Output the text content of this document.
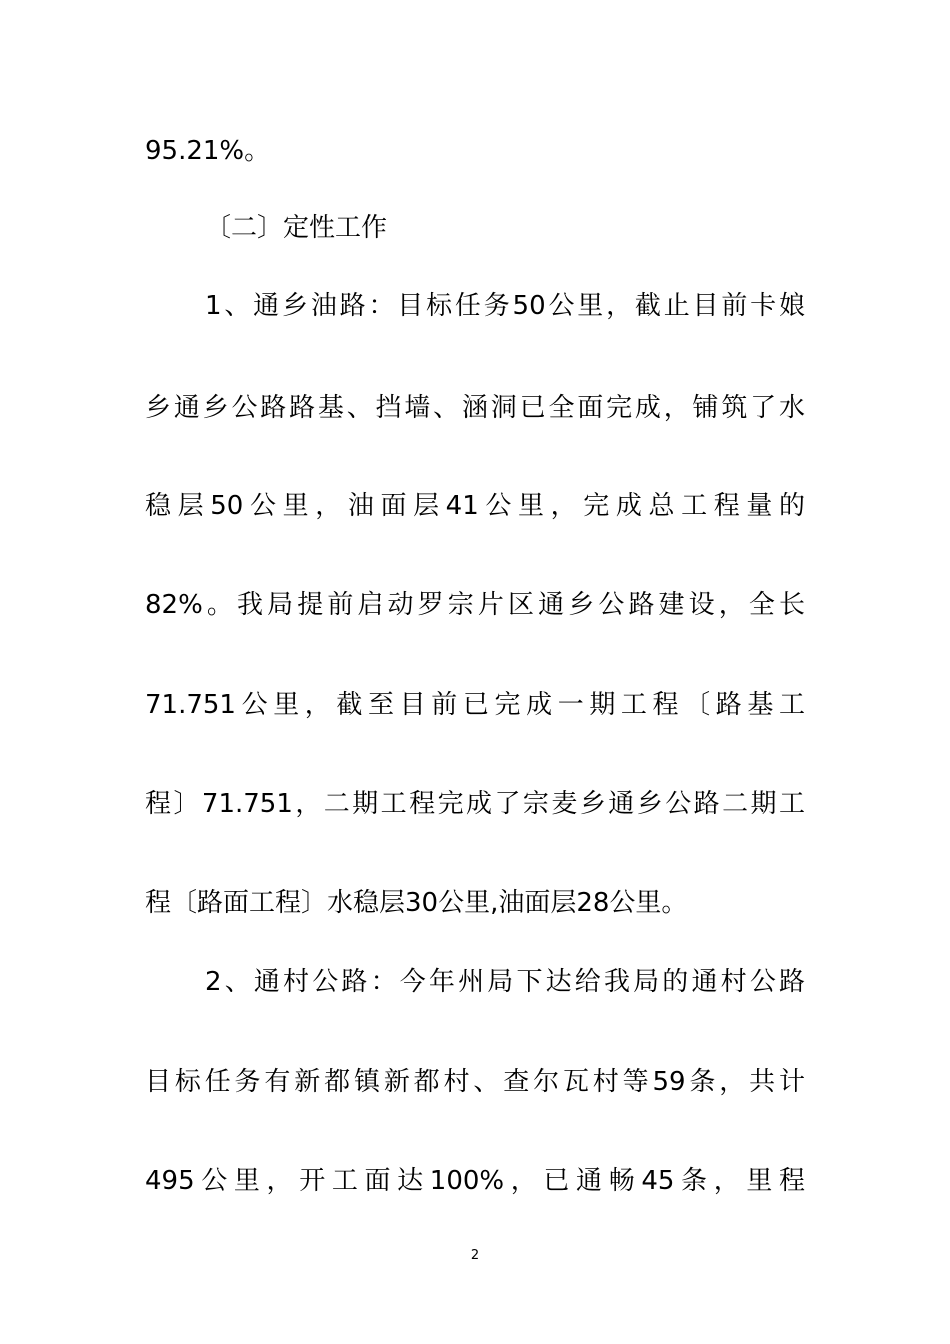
95.21%。
〔二〕定性工作
1、通乡油路：目标任务50公里，截止目前卡娘
乡通乡公路路基、挡墙、涵洞已全面完成，铺筑了水
稳层50公里，油面层41公里，完成总工程量的
82%。我局提前启动罗宗片区通乡公路建设，全长
71.751公里，截至目前已完成一期工程〔路基工
程〕71.751，二期工程完成了宗麦乡通乡公路二期工
程〔路面工程〕水稳层30公里,油面层28公里。
2、通村公路：今年州局下达给我局的通村公路
目标任务有新都镇新都村、查尔瓦村等59条，共计
495公里，开工面达100%，已通畅45条，里程
2
